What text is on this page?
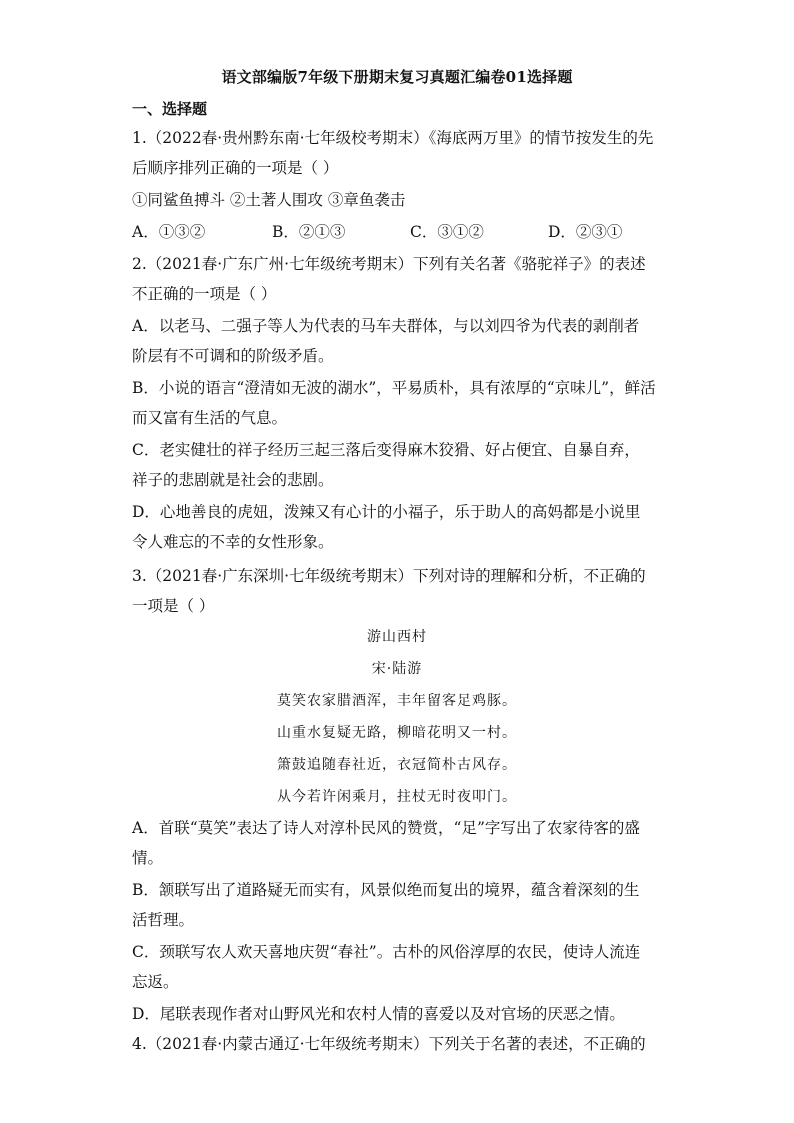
语文部编版7年级下册期末复习真题汇编卷01选择题
一、选择题
1.（2022春·贵州黔东南·七年级校考期末）《海底两万里》的情节按发生的先
后顺序排列正确的一项是（ ）
①同鲨鱼搏斗 ②土著人围攻 ③章鱼袭击
A．①③②	B．②①③	C．③①②	D．②③①
2.（2021春·广东广州·七年级统考期末）下列有关名著《骆驼祥子》的表述
不正确的一项是（ ）
A．以老马、二强子等人为代表的马车夫群体，与以刘四爷为代表的剥削者
阶层有不可调和的阶级矛盾。
B．小说的语言“澄清如无波的湖水”，平易质朴，具有浓厚的“京味儿”，鲜活
而又富有生活的气息。
C．老实健壮的祥子经历三起三落后变得麻木狡猾、好占便宜、自暴自弃，
祥子的悲剧就是社会的悲剧。
D．心地善良的虎妞，泼辣又有心计的小福子，乐于助人的高妈都是小说里
令人难忘的不幸的女性形象。
3.（2021春·广东深圳·七年级统考期末）下列对诗的理解和分析，不正确的
一项是（ ）
游山西村
宋·陆游
莫笑农家腊酒浑，丰年留客足鸡豚。
山重水复疑无路，柳暗花明又一村。
箫鼓追随春社近，衣冠简朴古风存。
从今若许闲乘月，拄杖无时夜叩门。
A．首联“莫笑”表达了诗人对淳朴民风的赞赏，“足”字写出了农家待客的盛
情。
B．颔联写出了道路疑无而实有，风景似绝而复出的境界，蕴含着深刻的生
活哲理。
C．颈联写农人欢天喜地庆贺“春社”。古朴的风俗淳厚的农民，使诗人流连
忘返。
D．尾联表现作者对山野风光和农村人情的喜爱以及对官场的厌恶之情。
4.（2021春·内蒙古通辽·七年级统考期末）下列关于名著的表述，不正确的
